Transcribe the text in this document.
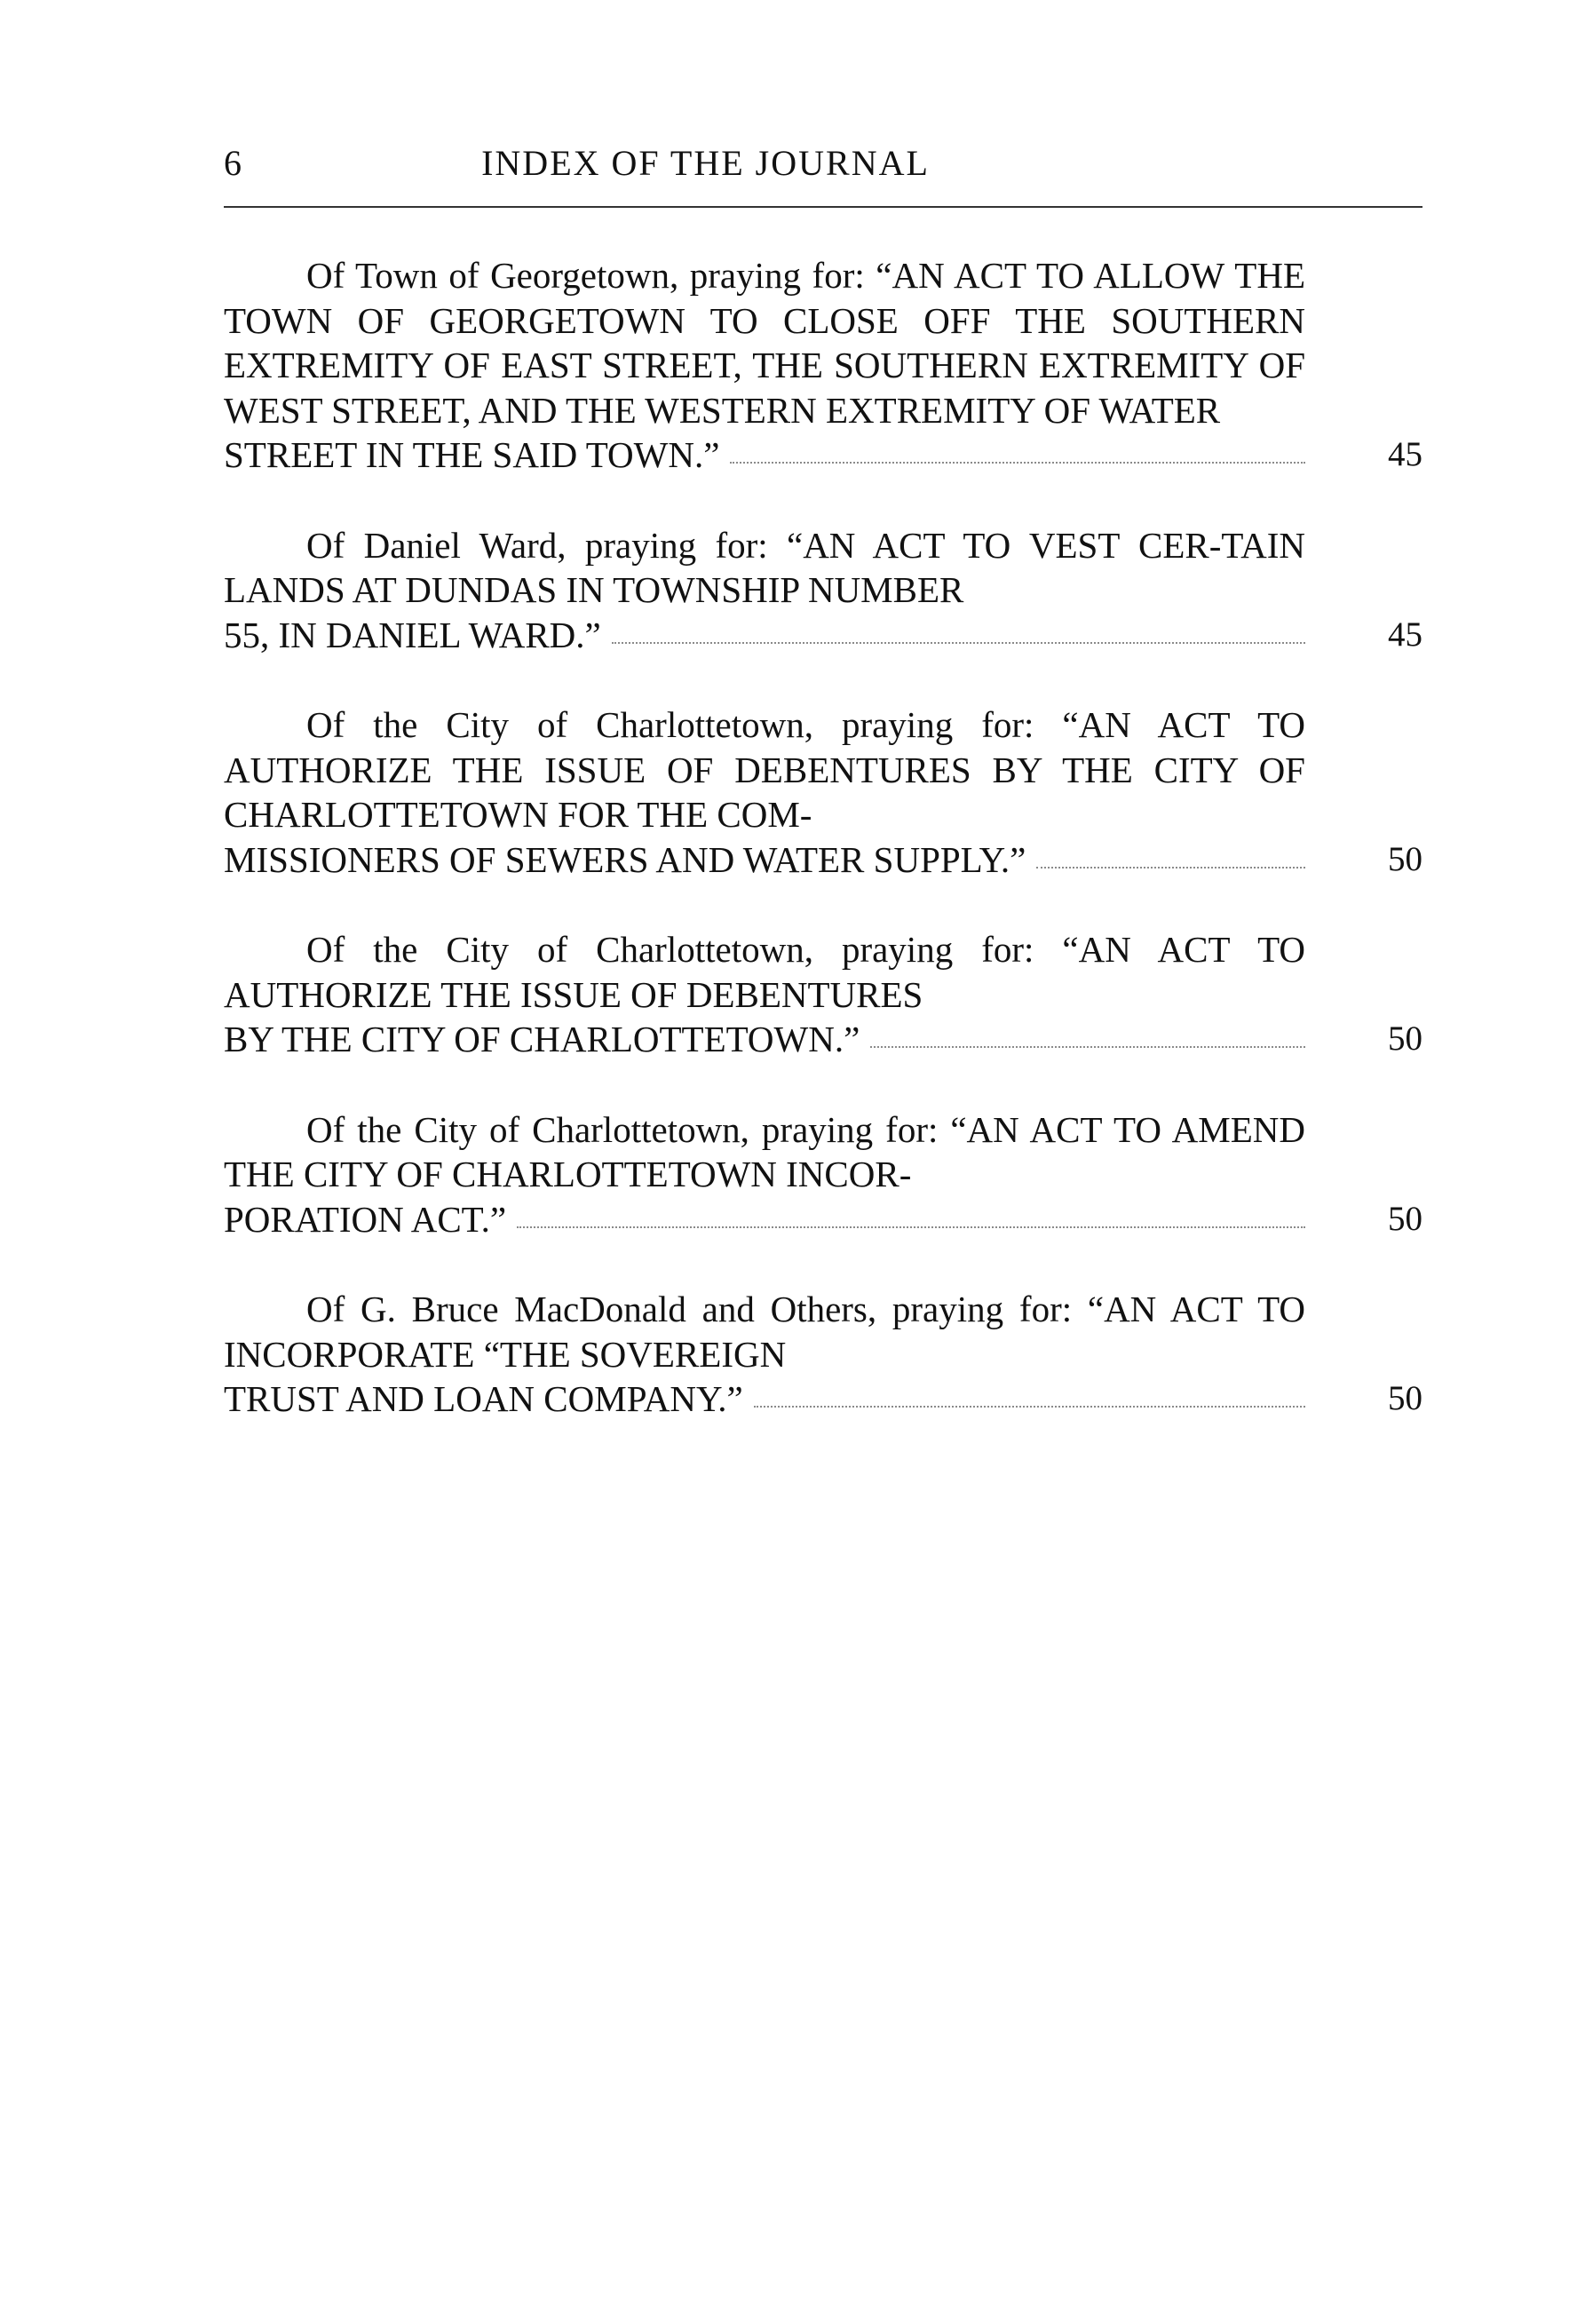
6	INDEX OF THE JOURNAL
Of Town of Georgetown, praying for: “AN ACT TO ALLOW THE TOWN OF GEORGETOWN TO CLOSE OFF THE SOUTHERN EXTREMITY OF EAST STREET, THE SOUTHERN EXTREMITY OF WEST STREET, AND THE WESTERN EXTREMITY OF WATER
STREET IN THE SAID TOWN.”	45
Of Daniel Ward, praying for: “AN ACT TO VEST CER-TAIN LANDS AT DUNDAS IN TOWNSHIP NUMBER
55, IN DANIEL WARD.”	45
Of the City of Charlottetown, praying for: “AN ACT TO AUTHORIZE THE ISSUE OF DEBENTURES BY THE CITY OF CHARLOTTETOWN FOR THE COM-
MISSIONERS OF SEWERS AND WATER SUPPLY.”	50
Of the City of Charlottetown, praying for: “AN ACT TO AUTHORIZE THE ISSUE OF DEBENTURES
BY THE CITY OF CHARLOTTETOWN.”	50
Of the City of Charlottetown, praying for: “AN ACT TO AMEND THE CITY OF CHARLOTTETOWN INCOR-
PORATION ACT.”	50
Of G. Bruce MacDonald and Others, praying for: “AN ACT TO INCORPORATE “THE SOVEREIGN
TRUST AND LOAN COMPANY.”	50
